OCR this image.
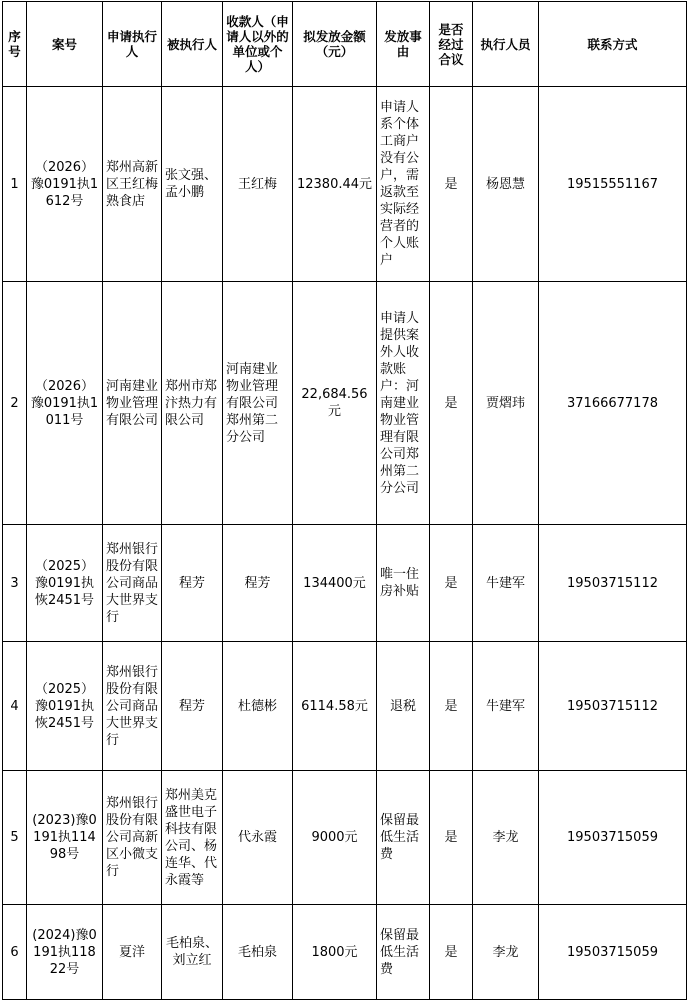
序号	案号	申请执行人	被执行人	收款人（申请人以外的单位或个人）	拟发放金额（元）	发放事由	是否经过合议	执行人员	联系方式
1	（2026）豫0191执1612号	郑州高新区王红梅熟食店	张文强、孟小鹏	王红梅	12380.44元	申请人系个体工商户没有公户，需返款至实际经营者的个人账户	是	杨恩慧	19515551167
2	（2026）豫0191执1011号	河南建业物业管理有限公司	郑州市郑汴热力有限公司	河南建业物业管理有限公司郑州第二分公司	22,684.56元	申请人提供案外人收款账户：河南建业物业管理有限公司郑州第二分公司	是	贾熠玮	37166677178
3	（2025）豫0191执恢2451号	郑州银行股份有限公司商品大世界支行	程芳	程芳	134400元	唯一住房补贴	是	牛建军	19503715112
4	（2025）豫0191执恢2451号	郑州银行股份有限公司商品大世界支行	程芳	杜德彬	6114.58元	退税	是	牛建军	19503715112
5	(2023)豫0191执11498号	郑州银行股份有限公司高新区小微支行	郑州美克盛世电子科技有限公司、杨连华、代永霞等	代永霞	9000元	保留最低生活费	是	李龙	19503715059
6	(2024)豫0191执11822号	夏洋	毛柏泉、刘立红	毛柏泉	1800元	保留最低生活费	是	李龙	19503715059
